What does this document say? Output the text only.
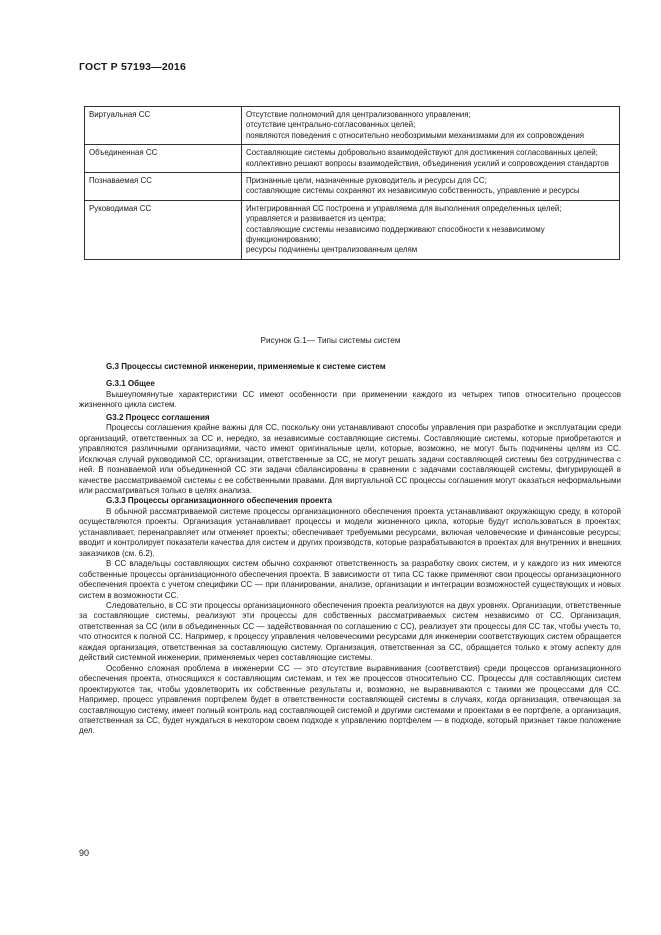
ГОСТ Р 57193—2016
Виртуальная СС	Отсутствие полномочий для централизованного управления;
отсутствие центрально-согласованных целей;
появляются поведения с относительно необозримыми механизмами для их сопровождения

Объединенная СС	Составляющие системы добровольно взаимодействуют для достижения согласованных целей;
коллективно решают вопросы взаимодействия, объединения усилий и сопровождения стандартов

Познаваемая СС	Признанные цели, назначенные руководитель и ресурсы для СС;
составляющие системы сохраняют их независимую собственность, управление и ресурсы

Руководимая СС	Интегрированная СС построена и управляема для выполнения определенных целей;
управляется и развивается из центра;
составляющие системы независимо поддерживают способности к независимому функционированию;
ресурсы подчинены централизованным целям
Рисунок G.1— Типы системы систем
G.3 Процессы системной инженерии, применяемые к системе систем
G.3.1 Общее

Вышеупомянутые характеристики СС имеют особенности при применении каждого из четырех типов относительно процессов жизненного цикла систем.

G3.2 Процесс соглашения

Процессы соглашения крайне важны для СС, поскольку они устанавливают способы управления при разработке и эксплуатации среди организаций, ответственных за СС и, нередко, за независимые составляющие системы. Составляющие системы, которые приобретаются и управляются различными организациями, часто имеют оригинальные цели, которые, возможно, не могут быть подчинены целям из СС. Исключая случай руководимой СС, организации, ответственные за СС, не могут решать задачи составляющей системы без сотрудничества с ней. В познаваемой или объединенной СС эти задачи сбалансированы в сравнении с задачами составляющей системы, фигурирующей в качестве рассматриваемой системы с ее собственными правами. Для виртуальной СС процессы соглашения могут оказаться неформальными или рассматриваться только в целях анализа.

G.3.3 Процессы организационного обеспечения проекта

В обычной рассматриваемой системе процессы организационного обеспечения проекта устанавливают окружающую среду, в которой осуществляются проекты. Организация устанавливает процессы и модели жизненного цикла, которые будут использоваться в проектах; устанавливает, перенаправляет или отменяет проекты; обеспечивает требуемыми ресурсами, включая человеческие и финансовые ресурсы; вводит и контролирует показатели качества для систем и других производств, которые разрабатываются в проектах для внутренних и внешних заказчиков (см. 6.2).

В СС владельцы составляющих систем обычно сохраняют ответственность за разработку своих систем, и у каждого из них имеются собственные процессы организационного обеспечения проекта. В зависимости от типа СС также применяют свои процессы организационного обеспечения проекта с учетом специфики СС — при планировании, анализе, организации и интеграции возможностей существующих и новых систем в возможности СС.

Следовательно, в СС эти процессы организационного обеспечения проекта реализуются на двух уровнях. Организации, ответственные за составляющие системы, реализуют эти процессы для собственных рассматриваемых систем независимо от СС. Организация, ответственная за СС (или в объединенных СС — задействованная по соглашению с СС), реализует эти процессы для СС так, чтобы учесть то, что относится к полной СС. Например, к процессу управления человеческими ресурсами для инженерии соответствующих систем обращается каждая организация, ответственная за составляющую систему. Организация, ответственная за СС, обращается только к этому аспекту для действий системной инженерии, применяемых через составляющие системы.

Особенно сложная проблема в инженерии СС — это отсутствие выравнивания (соответствия) среди процессов организационного обеспечения проекта, относящихся к составляющим системам, и тех же процессов относительно СС. Процессы для составляющих систем проектируются так, чтобы удовлетворить их собственные результаты и, возможно, не выравниваются с такими же процессами для СС. Например, процесс управления портфелем будет в ответственности составляющей системы в случаях, когда организация, отвечающая за составляющую систему, имеет полный контроль над составляющей системой и другими системами и проектами в ее портфеле, а организация, ответственная за СС, будет нуждаться в некотором своем подходе к управлению портфелем — в подходе, который признает такое положение дел.

90
